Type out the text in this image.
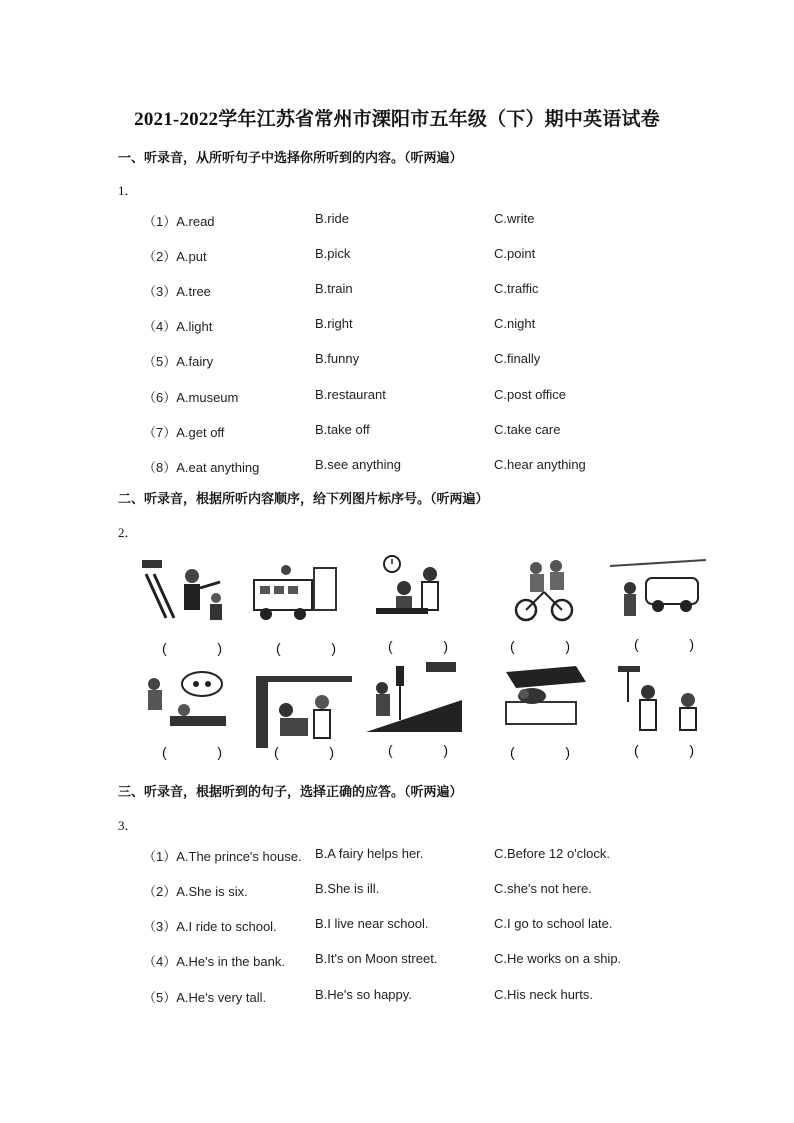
2021-2022学年江苏省常州市溧阳市五年级（下）期中英语试卷
一、听录音，从所听句子中选择你所听到的内容。（听两遍）
1．
（1）A.read	B.ride	C.write
（2）A.put	B.pick	C.point
（3）A.tree	B.train	C.traffic
（4）A.light	B.right	C.night
（5）A.fairy	B.funny	C.finally
（6）A.museum	B.restaurant	C.post office
（7）A.get off	B.take off	C.take care
（8）A.eat anything	B.see anything	C.hear anything
二、听录音，根据所听内容顺序，给下列图片标序号。（听两遍）
2．
(	)	(	)	(	)	(	)	(	)
(	)	(	)	(	)	(	)	(	)
三、听录音，根据听到的句子，选择正确的应答。（听两遍）
3．
（1）A.The prince's house. B.A fairy helps her.	C.Before 12 o'clock.
（2）A.She is six.	B.She is ill.	C.she's not here.
（3）A.I ride to school.	B.I live near school.	C.I go to school late.
（4）A.He's in the bank. B.It's on Moon street.	C.He works on a ship.
（5）A.He's very tall.	B.He's so happy.	C.His neck hurts.
